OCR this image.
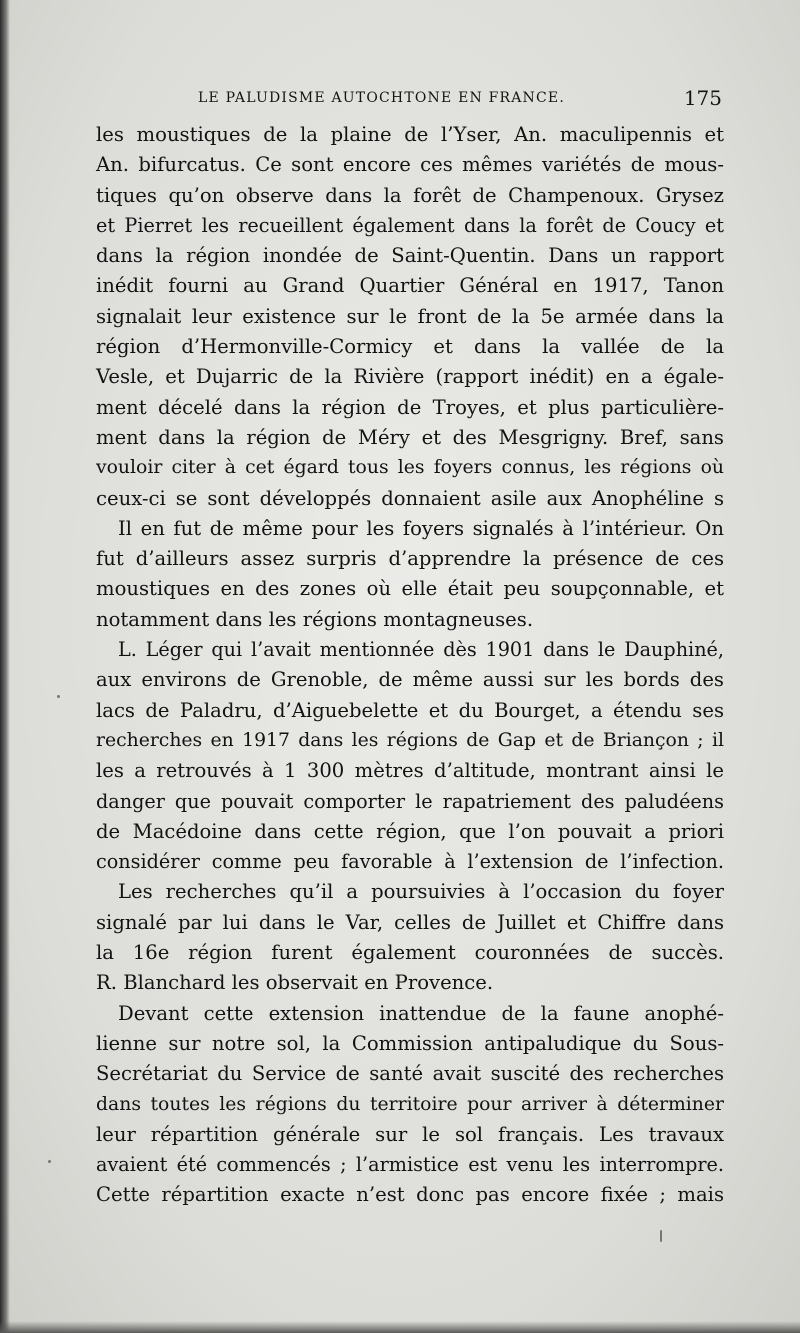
LE PALUDISME AUTOCHTONE EN FRANCE.	175
les moustiques de la plaine de l’Yser, An. maculipennis et
An. bifurcatus. Ce sont encore ces mêmes variétés de mous-
tiques qu’on observe dans la forêt de Champenoux. Grysez
et Pierret les recueillent également dans la forêt de Coucy et
dans la région inondée de Saint-Quentin. Dans un rapport
inédit fourni au Grand Quartier Général en 1917, Tanon
signalait leur existence sur le front de la 5e armée dans la
région d’Hermonville-Cormicy et dans la vallée de la
Vesle, et Dujarric de la Rivière (rapport inédit) en a égale-
ment décelé dans la région de Troyes, et plus particulière-
ment dans la région de Méry et des Mesgrigny. Bref, sans
vouloir citer à cet égard tous les foyers connus, les régions où
ceux-ci se sont développés donnaient asile aux Anophéline s
Il en fut de même pour les foyers signalés à l’intérieur. On
fut d’ailleurs assez surpris d’apprendre la présence de ces
moustiques en des zones où elle était peu soupçonnable, et
notamment dans les régions montagneuses.
L. Léger qui l’avait mentionnée dès 1901 dans le Dauphiné,
aux environs de Grenoble, de même aussi sur les bords des
lacs de Paladru, d’Aiguebelette et du Bourget, a étendu ses
recherches en 1917 dans les régions de Gap et de Briançon ; il
les a retrouvés à 1 300 mètres d’altitude, montrant ainsi le
danger que pouvait comporter le rapatriement des paludéens
de Macédoine dans cette région, que l’on pouvait a priori
considérer comme peu favorable à l’extension de l’infection.
Les recherches qu’il a poursuivies à l’occasion du foyer
signalé par lui dans le Var, celles de Juillet et Chiffre dans
la 16e région furent également couronnées de succès.
R. Blanchard les observait en Provence.
Devant cette extension inattendue de la faune anophé-
lienne sur notre sol, la Commission antipaludique du Sous-
Secrétariat du Service de santé avait suscité des recherches
dans toutes les régions du territoire pour arriver à déterminer
leur répartition générale sur le sol français. Les travaux
avaient été commencés ; l’armistice est venu les interrompre.
Cette répartition exacte n’est donc pas encore fixée ; mais
